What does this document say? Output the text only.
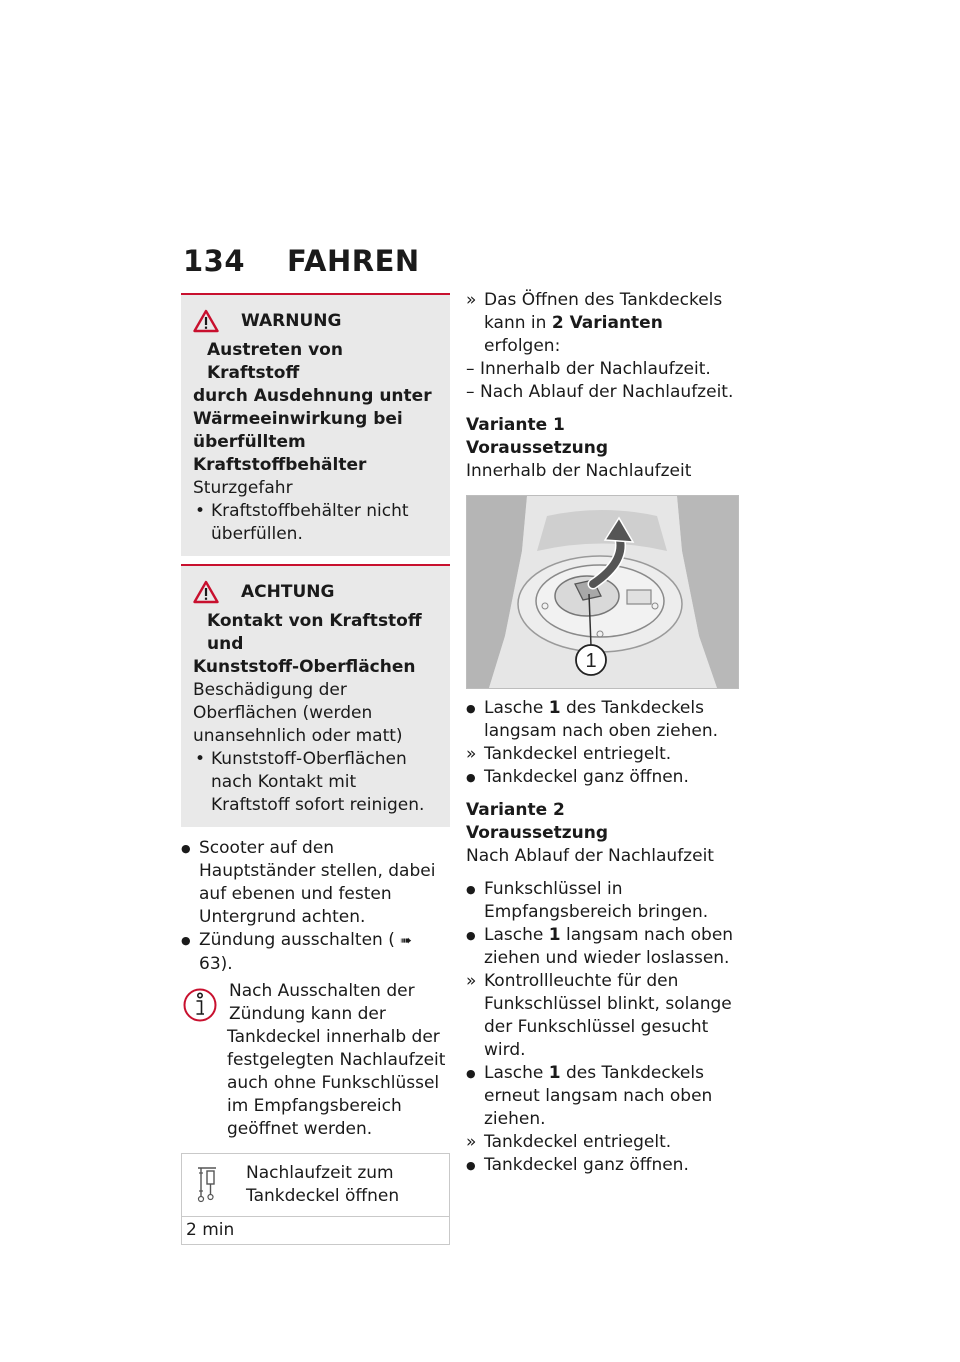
134 FAHREN
WARNUNG
Austreten von Kraftstoff
durch Ausdehnung unter Wärmeeinwirkung bei überfülltem Kraftstoffbehälter
Sturzgefahr
• Kraftstoffbehälter nicht überfüllen.
ACHTUNG
Kontakt von Kraftstoff und
Kunststoff-Oberflächen
Beschädigung der Oberflächen (werden unansehnlich oder matt)
• Kunststoff-Oberflächen nach Kontakt mit Kraftstoff sofort reinigen.
● Scooter auf den Hauptständer stellen, dabei auf ebenen und festen Untergrund achten.
● Zündung ausschalten ( ➠63).
Nach Ausschalten der Zündung kann der Tankdeckel innerhalb der festgelegten Nachlaufzeit auch ohne Funkschlüssel im Empfangsbereich geöffnet werden.
Nachlaufzeit zum Tankdeckel öffnen
2 min
» Das Öffnen des Tankdeckels kann in 2 Varianten erfolgen:
– Innerhalb der Nachlaufzeit.
– Nach Ablauf der Nachlaufzeit.
Variante 1
Voraussetzung
Innerhalb der Nachlaufzeit
1
● Lasche 1 des Tankdeckels langsam nach oben ziehen.
» Tankdeckel entriegelt.
● Tankdeckel ganz öffnen.
Variante 2
Voraussetzung
Nach Ablauf der Nachlaufzeit
● Funkschlüssel in Empfangsbereich bringen.
● Lasche 1 langsam nach oben ziehen und wieder loslassen.
» Kontrollleuchte für den Funkschlüssel blinkt, solange der Funkschlüssel gesucht wird.
● Lasche 1 des Tankdeckels erneut langsam nach oben ziehen.
» Tankdeckel entriegelt.
● Tankdeckel ganz öffnen.
